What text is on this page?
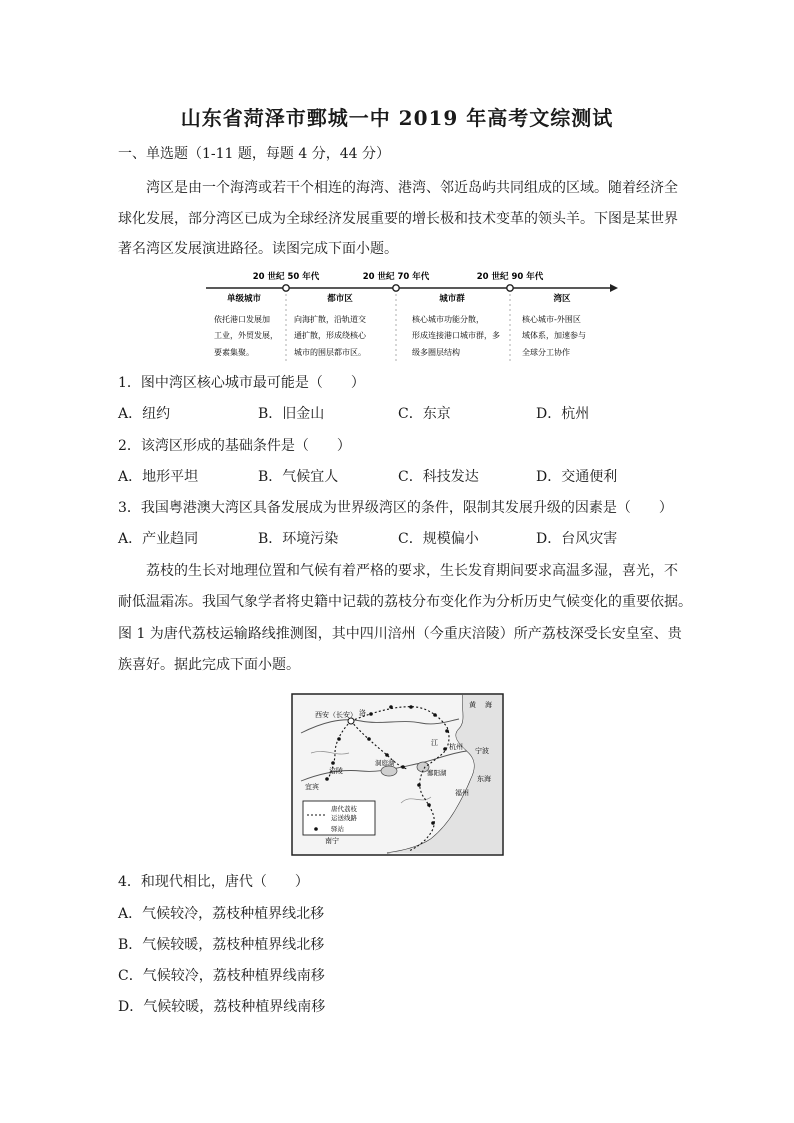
山东省菏泽市鄄城一中 2019 年高考文综测试
一、单选题（1-11 题，每题 4 分，44 分）
湾区是由一个海湾或若干个相连的海湾、港湾、邻近岛屿共同组成的区域。随着经济全
球化发展，部分湾区已成为全球经济发展重要的增长极和技术变革的领头羊。下图是某世界
著名湾区发展演进路径。读图完成下面小题。
20 世纪 50 年代	20 世纪 70 年代	20 世纪 90 年代
单级城市	都市区	城市群	湾区
依托港口发展加
工业，外贸发展，
要素集聚。
向海扩散，沿轨道交
通扩散，形成绕核心
城市的围层都市区。
核心城市功能分散，
形成连接港口城市群，多
级多圈层结构
核心城市-外围区
域体系，加速参与
全球分工协作
1．图中湾区核心城市最可能是（　　）
A．纽约	B．旧金山	C．东京	D．杭州
2．该湾区形成的基础条件是（　　）
A．地形平坦	B．气候宜人	C．科技发达	D．交通便利
3．我国粤港澳大湾区具备发展成为世界级湾区的条件，限制其发展升级的因素是（　　）
A．产业趋同	B．环境污染	C．规模偏小	D．台风灾害
荔枝的生长对地理位置和气候有着严格的要求，生长发育期间要求高温多湿，喜光，不
耐低温霜冻。我国气象学者将史籍中记载的荔枝分布变化作为分析历史气候变化的重要依据。
图 1 为唐代荔枝运输路线推测图，其中四川涪州（今重庆涪陵）所产荔枝深受长安皇室、贵
族喜好。据此完成下面小题。
西安（长安） 洛
黄 海
江 杭州 宁波
东海
鄱阳湖
洞庭湖
涪陵
宜宾
福州
南宁
唐代荔枝
运送线路
驿站
4．和现代相比，唐代（　　）
A．气候较冷，荔枝种植界线北移
B．气候较暖，荔枝种植界线北移
C．气候较冷，荔枝种植界线南移
D．气候较暖，荔枝种植界线南移
